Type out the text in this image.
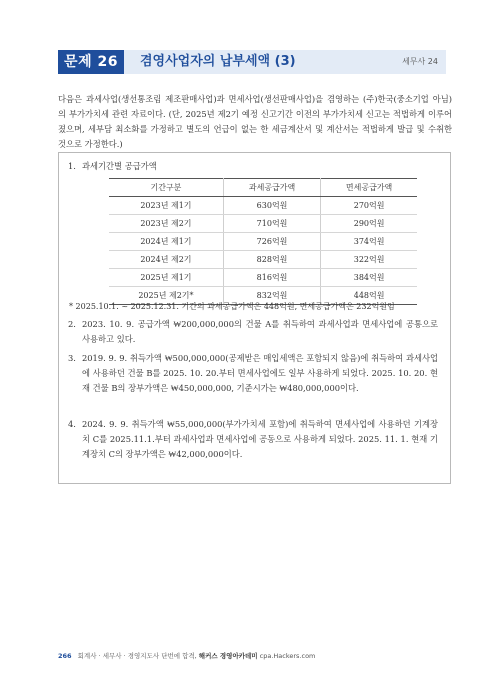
문제 26	겸영사업자의 납부세액 (3)	세무사 24
다음은 과세사업(생선통조림 제조판매사업)과 면세사업(생선판매사업)을 겸영하는 (주)한국(중소기업 아님)의 부가가치세 관련 자료이다. (단, 2025년 제2기 예정 신고기간 이전의 부가가치세 신고는 적법하게 이루어졌으며, 세부담 최소화를 가정하고 별도의 언급이 없는 한 세금계산서 및 계산서는 적법하게 발급 및 수취한 것으로 가정한다.)
1. 과세기간별 공급가액
기간구분	과세공급가액	면세공급가액
2023년 제1기	630억원	270억원
2023년 제2기	710억원	290억원
2024년 제1기	726억원	374억원
2024년 제2기	828억원	322억원
2025년 제1기	816억원	384억원
2025년 제2기*	832억원	448억원
* 2025.10.1. ~ 2025.12.31. 기간의 과세공급가액은 448억원, 면세공급가액은 232억원임
2. 2023. 10. 9. 공급가액 ₩200,000,000의 건물 A를 취득하여 과세사업과 면세사업에 공통으로 사용하고 있다.
3. 2019. 9. 9. 취득가액 ₩500,000,000(공제받은 매입세액은 포함되지 않음)에 취득하여 과세사업에 사용하던 건물 B를 2025. 10. 20.부터 면세사업에도 일부 사용하게 되었다. 2025. 10. 20. 현재 건물 B의 장부가액은 ₩450,000,000, 기준시가는 ₩480,000,000이다.
4. 2024. 9. 9. 취득가액 ₩55,000,000(부가가치세 포함)에 취득하여 면세사업에 사용하던 기계장치 C를 2025.11.1.부터 과세사업과 면세사업에 공동으로 사용하게 되었다. 2025. 11. 1. 현재 기계장치 C의 장부가액은 ₩42,000,000이다.
266 회계사 · 세무사 · 경영지도사 단번에 합격, 해커스 경영아카데미 cpa.Hackers.com
